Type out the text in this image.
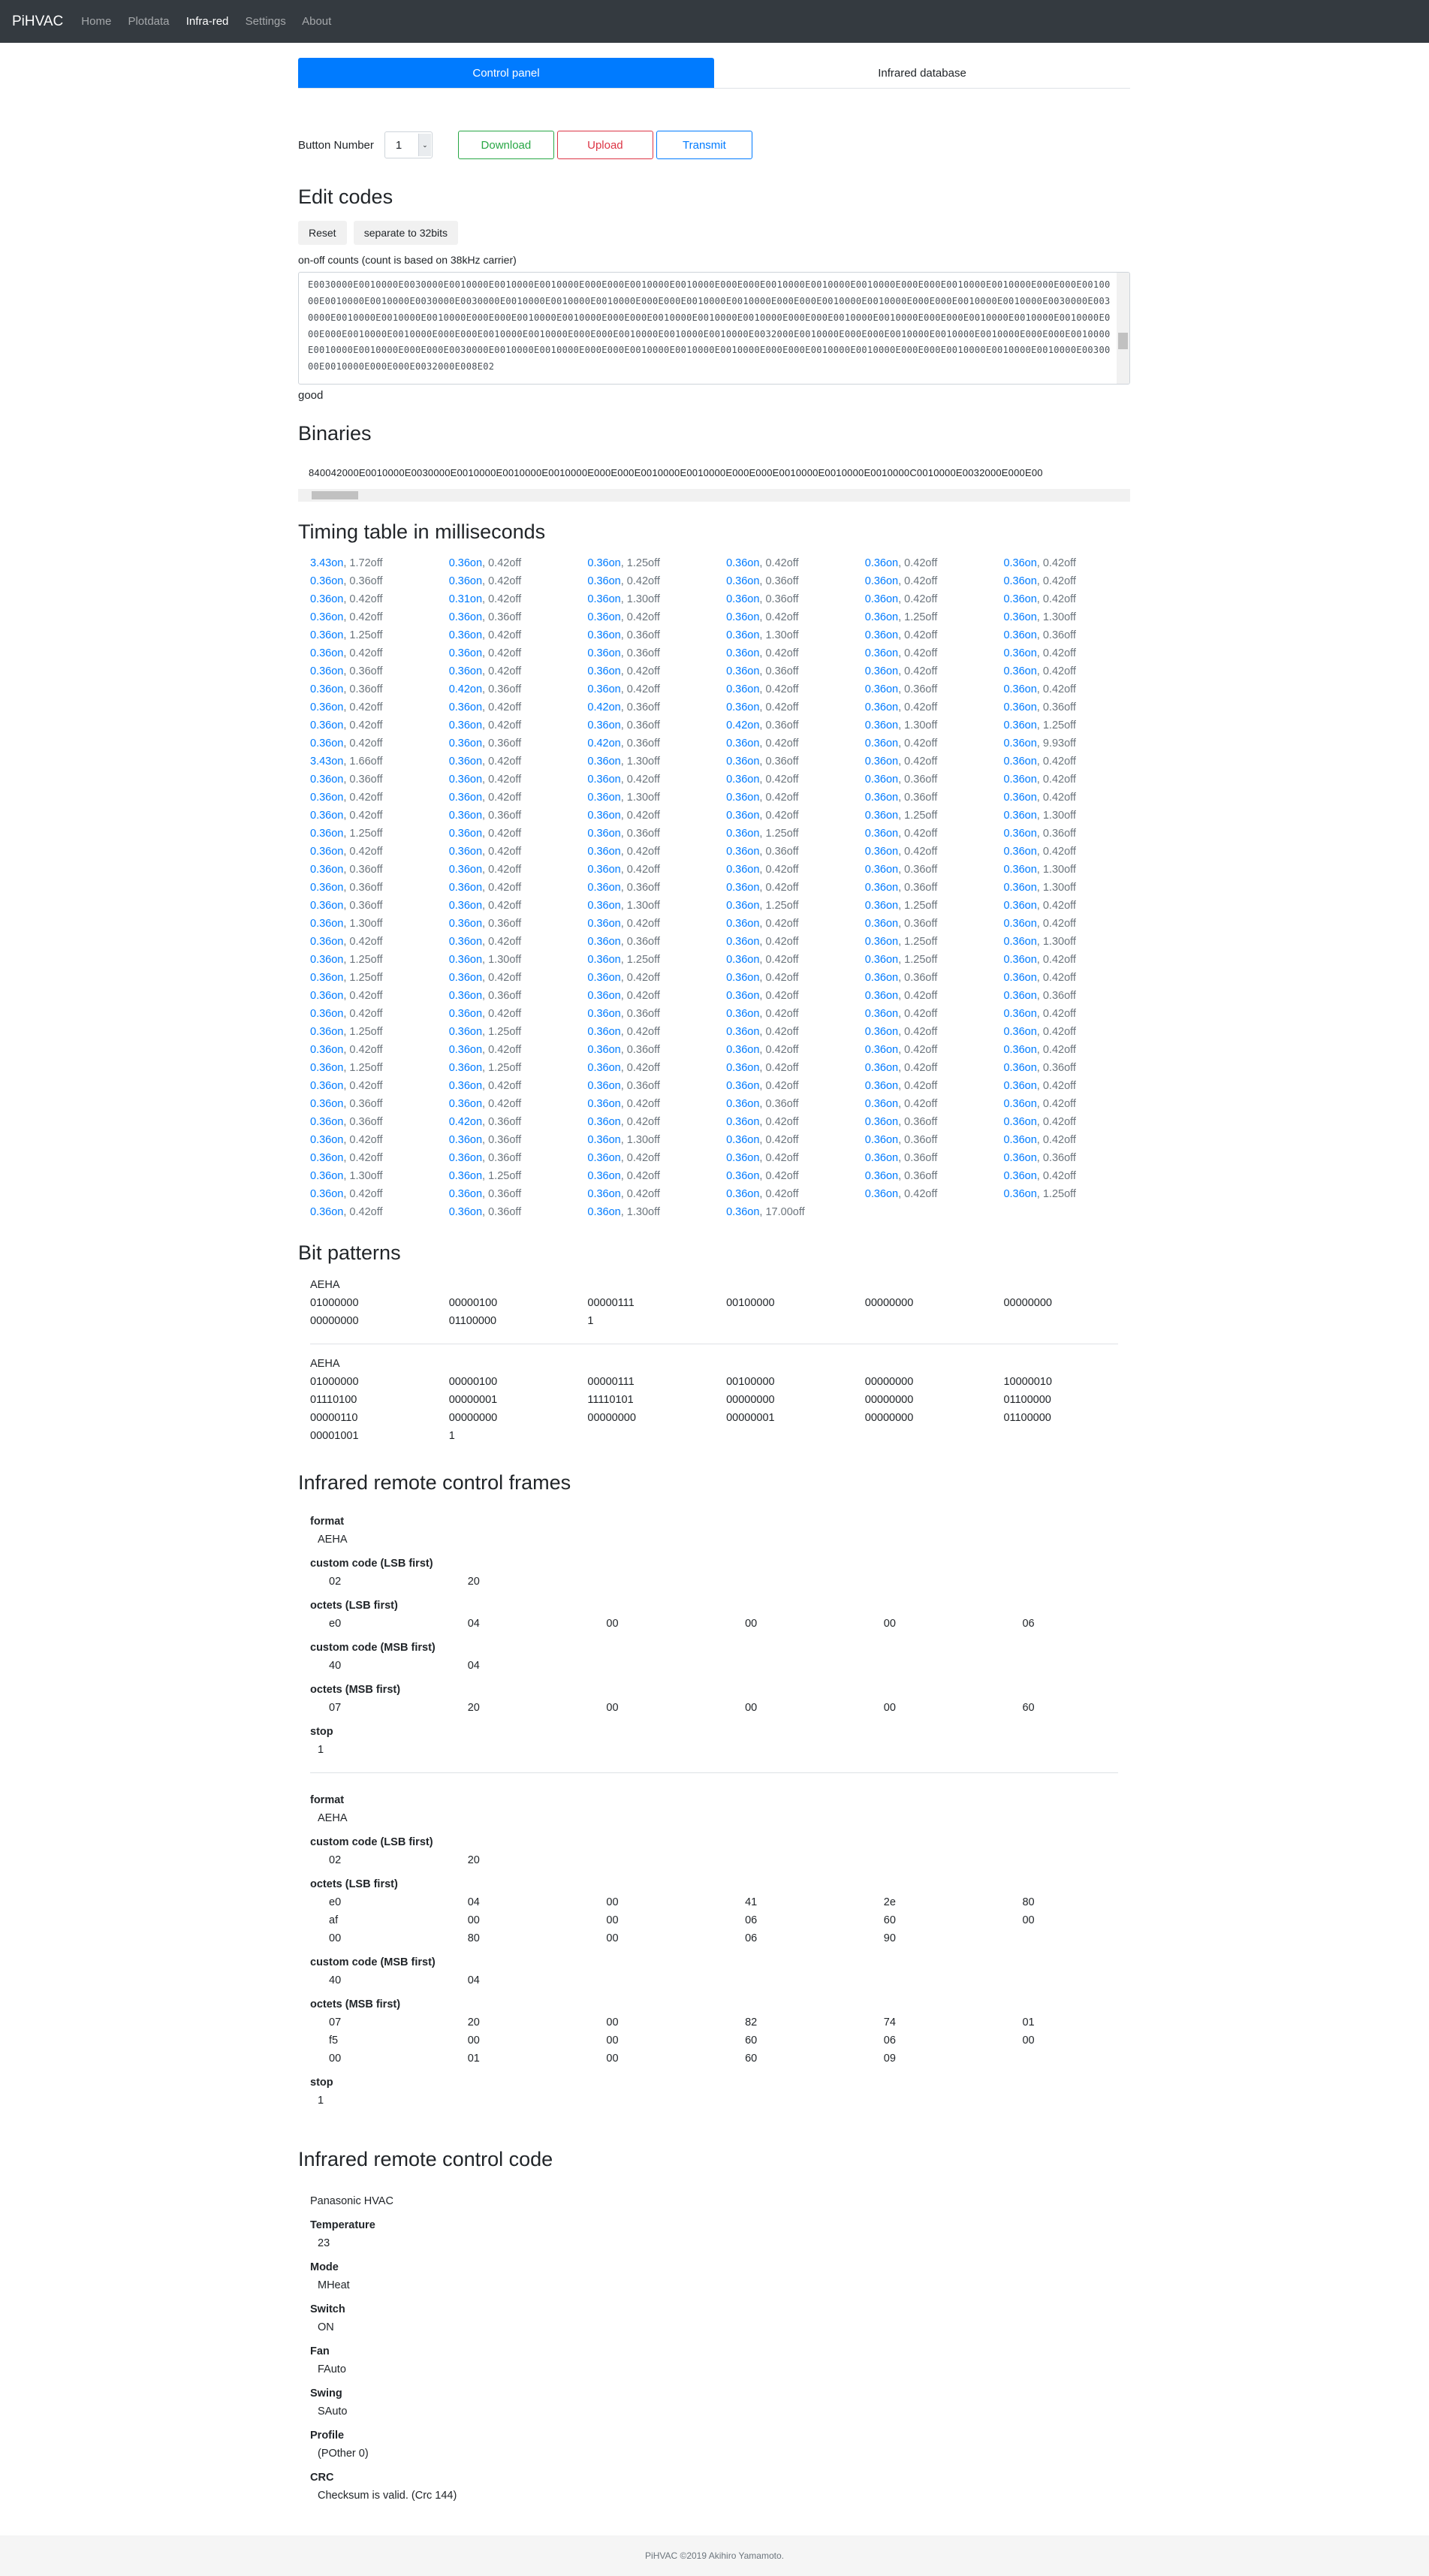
PiHVAC Home Plotdata Infra-red Settings About
Control panel	Infrared database
Button Number 1	⌄	Download	Upload	Transmit
Edit codes
Reset	separate to 32bits
on-off counts (count is based on 38kHz carrier)
E0030000E0010000E0030000E0010000E0010000E0010000E000E000E0010000E0010000E000E000E0010000E0010000E0010000E000E000E0010000E0010000E000E000E0010000E0010000E0010000E0030000E0030000E0010000E0010000E0010000E000E000E0010000E0010000E000E000E0010000E0010000E000E000E0010000E0010000E0030000E0030000E0010000E0010000E0010000E000E000E0010000E0010000E000E000E0010000E0010000E0010000E000E000E0010000E0010000E000E000E0010000E0010000E0010000E000E000E0010000E0010000E000E000E0010000E0010000E000E000E0010000E0010000E0010000E0032000E0010000E000E000E0010000E0010000E0010000E000E000E0010000E0010000E0010000E000E000E0030000E0010000E0010000E000E000E0010000E0010000E0010000E000E000E0010000E0010000E000E000E0010000E0010000E0010000E0030000E0010000E000E000E0032000E008E02
good
Binaries
840042000E0010000E0030000E0010000E0010000E0010000E000E000E0010000E0010000E000E000E0010000E0010000E0010000C0010000E0032000E000E00
Timing table in milliseconds
3.43on, 1.72off	0.36on, 0.42off	0.36on, 1.25off	0.36on, 0.42off	0.36on, 0.42off	0.36on, 0.42off
0.36on, 0.36off	0.36on, 0.42off	0.36on, 0.42off	0.36on, 0.36off	0.36on, 0.42off	0.36on, 0.42off
0.36on, 0.42off	0.31on, 0.42off	0.36on, 1.30off	0.36on, 0.36off	0.36on, 0.42off	0.36on, 0.42off
0.36on, 0.42off	0.36on, 0.36off	0.36on, 0.42off	0.36on, 0.42off	0.36on, 1.25off	0.36on, 1.30off
0.36on, 1.25off	0.36on, 0.42off	0.36on, 0.36off	0.36on, 1.30off	0.36on, 0.42off	0.36on, 0.36off
0.36on, 0.42off	0.36on, 0.42off	0.36on, 0.36off	0.36on, 0.42off	0.36on, 0.42off	0.36on, 0.42off
0.36on, 0.36off	0.36on, 0.42off	0.36on, 0.42off	0.36on, 0.36off	0.36on, 0.42off	0.36on, 0.42off
0.36on, 0.36off	0.42on, 0.36off	0.36on, 0.42off	0.36on, 0.42off	0.36on, 0.36off	0.36on, 0.42off
0.36on, 0.42off	0.36on, 0.42off	0.42on, 0.36off	0.36on, 0.42off	0.36on, 0.42off	0.36on, 0.36off
0.36on, 0.42off	0.36on, 0.42off	0.36on, 0.36off	0.42on, 0.36off	0.36on, 1.30off	0.36on, 1.25off
0.36on, 0.42off	0.36on, 0.36off	0.42on, 0.36off	0.36on, 0.42off	0.36on, 0.42off	0.36on, 9.93off
3.43on, 1.66off	0.36on, 0.42off	0.36on, 1.30off	0.36on, 0.36off	0.36on, 0.42off	0.36on, 0.42off
0.36on, 0.36off	0.36on, 0.42off	0.36on, 0.42off	0.36on, 0.42off	0.36on, 0.36off	0.36on, 0.42off
0.36on, 0.42off	0.36on, 0.42off	0.36on, 1.30off	0.36on, 0.42off	0.36on, 0.36off	0.36on, 0.42off
0.36on, 0.42off	0.36on, 0.36off	0.36on, 0.42off	0.36on, 0.42off	0.36on, 1.25off	0.36on, 1.30off
0.36on, 1.25off	0.36on, 0.42off	0.36on, 0.36off	0.36on, 1.25off	0.36on, 0.42off	0.36on, 0.36off
0.36on, 0.42off	0.36on, 0.42off	0.36on, 0.42off	0.36on, 0.36off	0.36on, 0.42off	0.36on, 0.42off
0.36on, 0.36off	0.36on, 0.42off	0.36on, 0.42off	0.36on, 0.42off	0.36on, 0.36off	0.36on, 1.30off
0.36on, 0.36off	0.36on, 0.42off	0.36on, 0.36off	0.36on, 0.42off	0.36on, 0.36off	0.36on, 1.30off
0.36on, 0.36off	0.36on, 0.42off	0.36on, 1.30off	0.36on, 1.25off	0.36on, 1.25off	0.36on, 0.42off
0.36on, 1.30off	0.36on, 0.36off	0.36on, 0.42off	0.36on, 0.42off	0.36on, 0.36off	0.36on, 0.42off
0.36on, 0.42off	0.36on, 0.42off	0.36on, 0.36off	0.36on, 0.42off	0.36on, 1.25off	0.36on, 1.30off
0.36on, 1.25off	0.36on, 1.30off	0.36on, 1.25off	0.36on, 0.42off	0.36on, 1.25off	0.36on, 0.42off
0.36on, 1.25off	0.36on, 0.42off	0.36on, 0.42off	0.36on, 0.42off	0.36on, 0.36off	0.36on, 0.42off
0.36on, 0.42off	0.36on, 0.36off	0.36on, 0.42off	0.36on, 0.42off	0.36on, 0.42off	0.36on, 0.36off
0.36on, 0.42off	0.36on, 0.42off	0.36on, 0.36off	0.36on, 0.42off	0.36on, 0.42off	0.36on, 0.42off
0.36on, 1.25off	0.36on, 1.25off	0.36on, 0.42off	0.36on, 0.42off	0.36on, 0.42off	0.36on, 0.42off
0.36on, 0.42off	0.36on, 0.42off	0.36on, 0.36off	0.36on, 0.42off	0.36on, 0.42off	0.36on, 0.42off
0.36on, 1.25off	0.36on, 1.25off	0.36on, 0.42off	0.36on, 0.42off	0.36on, 0.42off	0.36on, 0.36off
0.36on, 0.42off	0.36on, 0.42off	0.36on, 0.36off	0.36on, 0.42off	0.36on, 0.42off	0.36on, 0.42off
0.36on, 0.36off	0.36on, 0.42off	0.36on, 0.42off	0.36on, 0.36off	0.36on, 0.42off	0.36on, 0.42off
0.36on, 0.36off	0.42on, 0.36off	0.36on, 0.42off	0.36on, 0.42off	0.36on, 0.36off	0.36on, 0.42off
0.36on, 0.42off	0.36on, 0.36off	0.36on, 1.30off	0.36on, 0.42off	0.36on, 0.36off	0.36on, 0.42off
0.36on, 0.42off	0.36on, 0.36off	0.36on, 0.42off	0.36on, 0.42off	0.36on, 0.36off	0.36on, 0.36off
0.36on, 1.30off	0.36on, 1.25off	0.36on, 0.42off	0.36on, 0.42off	0.36on, 0.36off	0.36on, 0.42off
0.36on, 0.42off	0.36on, 0.36off	0.36on, 0.42off	0.36on, 0.42off	0.36on, 0.42off	0.36on, 1.25off
0.36on, 0.42off	0.36on, 0.36off	0.36on, 1.30off	0.36on, 17.00off
Bit patterns
AEHA
01000000	00000100	00000111	00100000	00000000	00000000
00000000	01100000	1
AEHA
01000000	00000100	00000111	00100000	00000000	10000010
01110100	00000001	11110101	00000000	00000000	01100000
00000110	00000000	00000000	00000001	00000000	01100000
00001001	1
Infrared remote control frames
format
AEHA
custom code (LSB first)
02	20
octets (LSB first)
e0	04	00	00	00	06
custom code (MSB first)
40	04
octets (MSB first)
07	20	00	00	00	60
stop
1
format
AEHA
custom code (LSB first)
02	20
octets (LSB first)
e0	04	00	41	2e	80
af	00	00	06	60	00
00	80	00	06	90
custom code (MSB first)
40	04
octets (MSB first)
07	20	00	82	74	01
f5	00	00	60	06	00
00	01	00	60	09
stop
1
Infrared remote control code
Panasonic HVAC
Temperature
23
Mode
MHeat
Switch
ON
Fan
FAuto
Swing
SAuto
Profile
(POther 0)
CRC
Checksum is valid. (Crc 144)
PiHVAC ©2019 Akihiro Yamamoto.
